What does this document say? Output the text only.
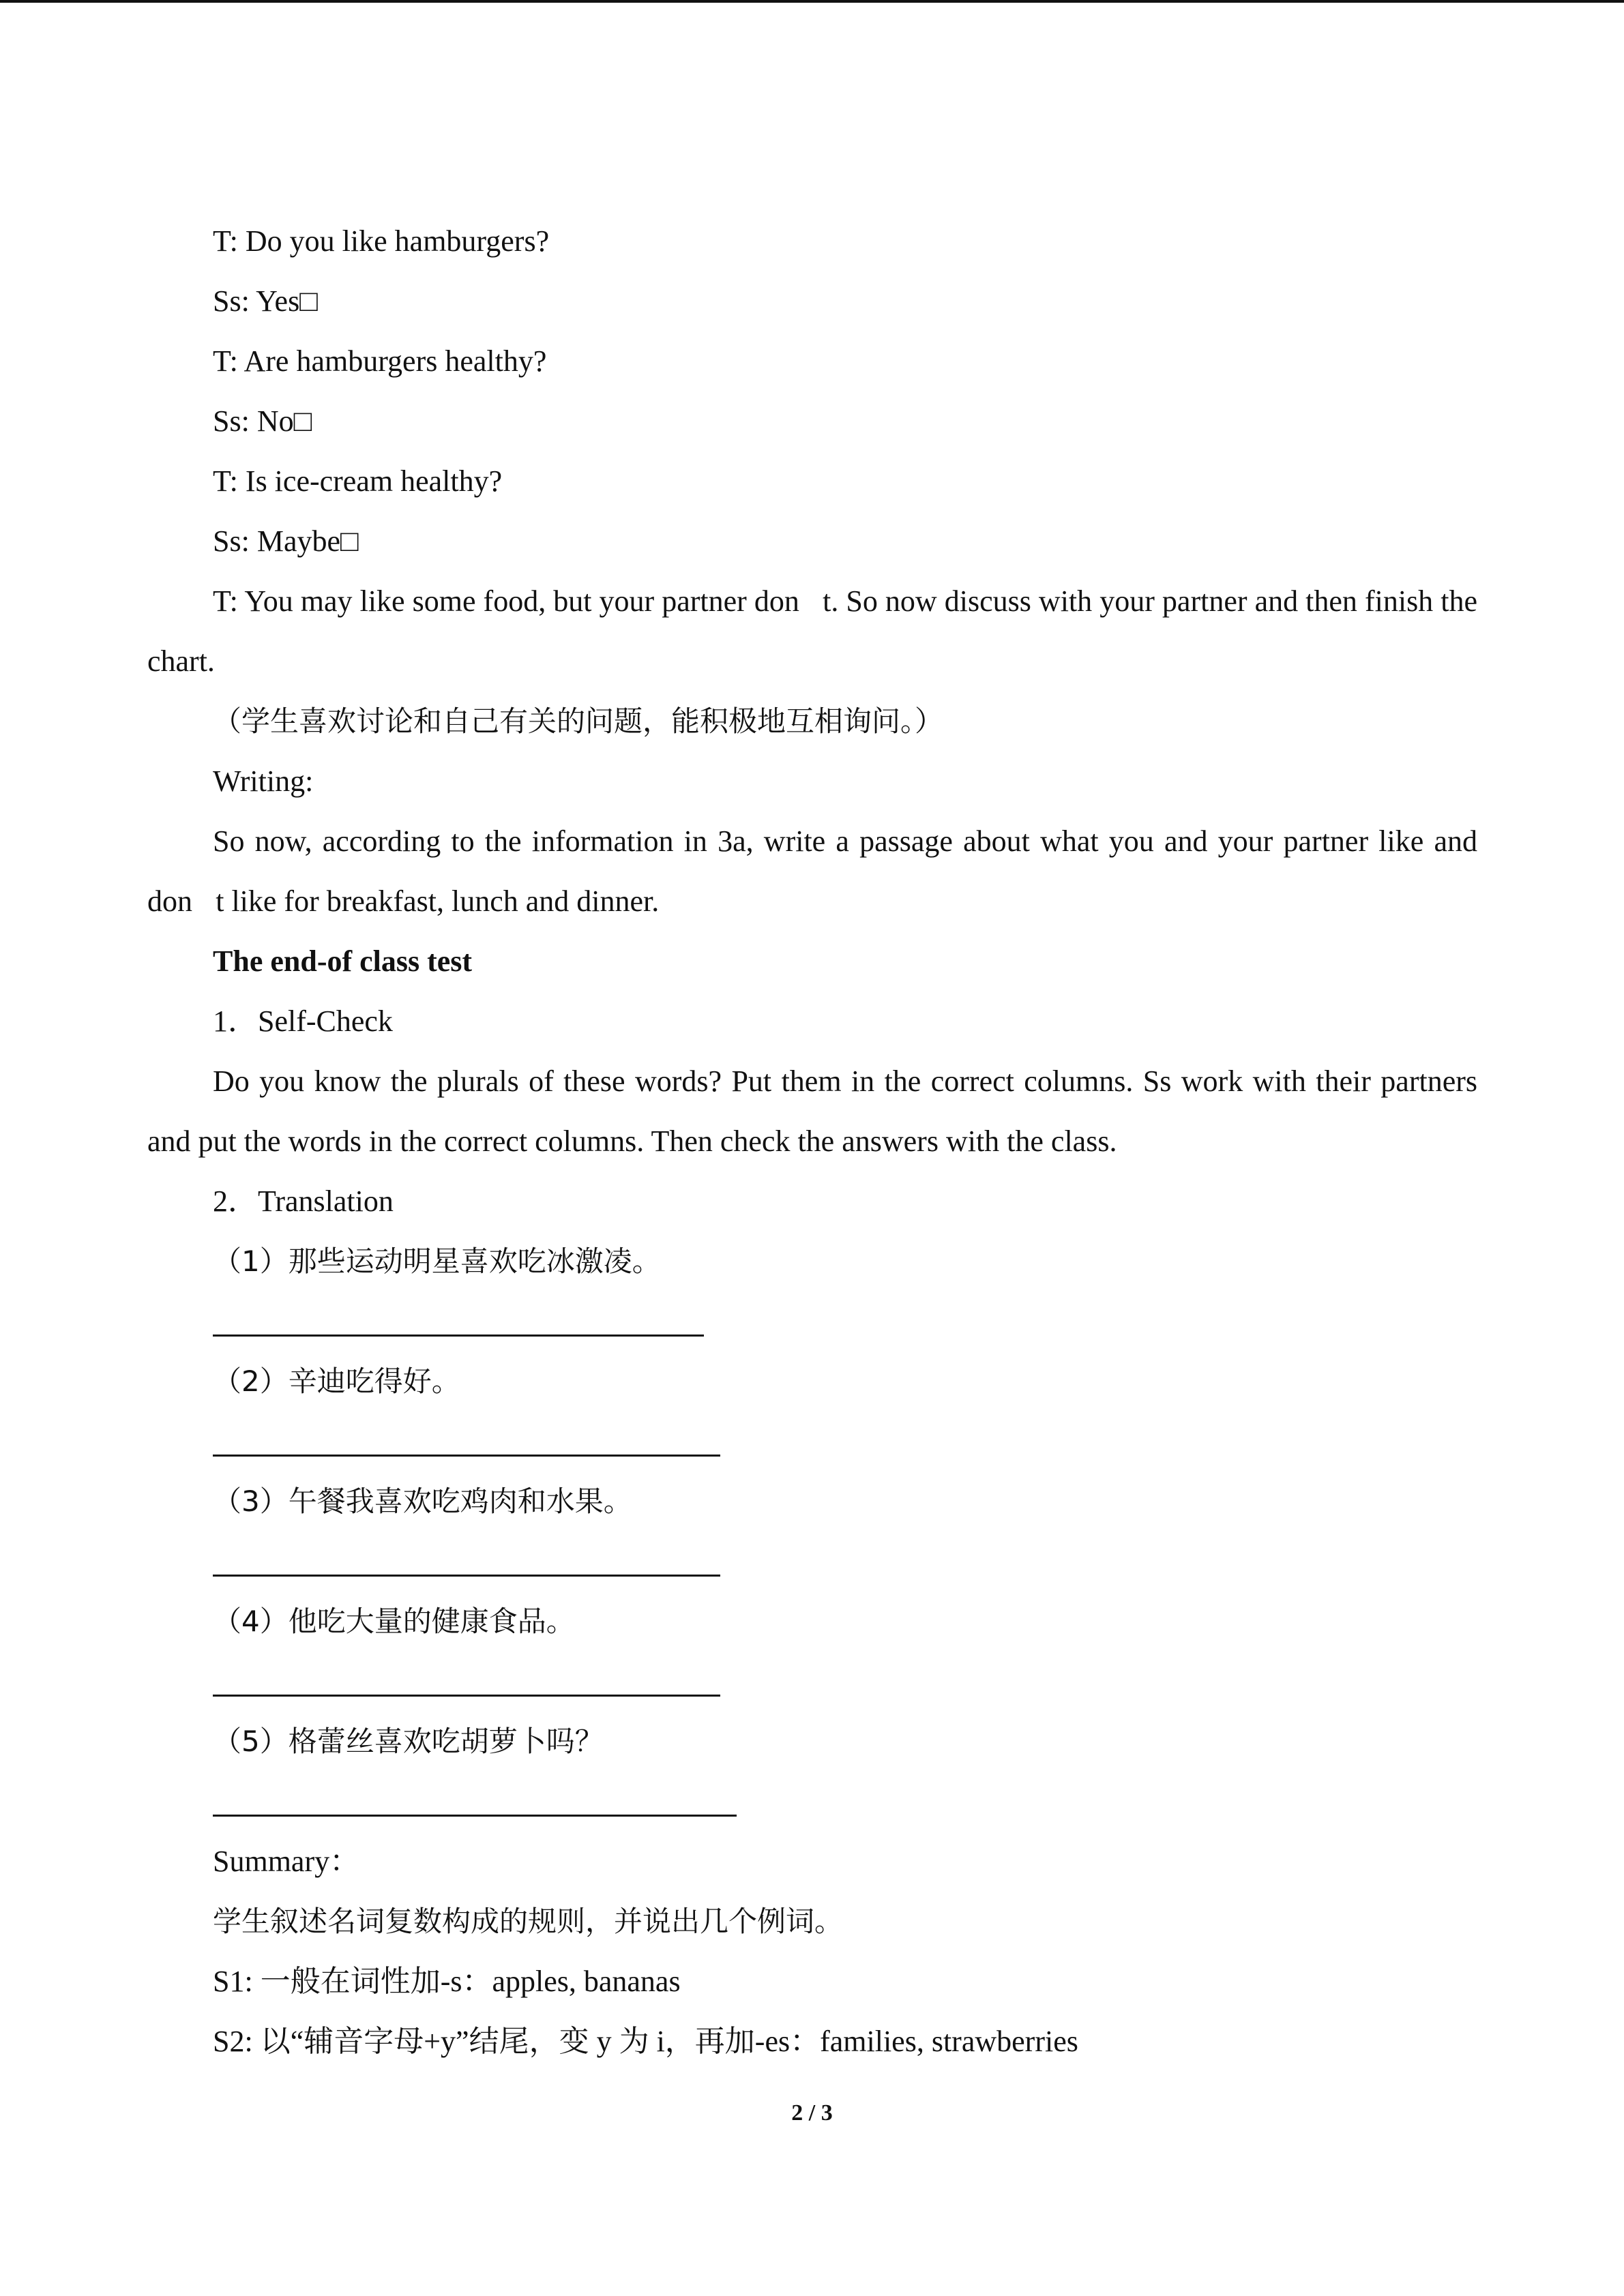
T: Do you like hamburgers?
Ss: Yes□
T: Are hamburgers healthy?
Ss: No□
T: Is ice-cream healthy?
Ss: Maybe□
T: You may like some food, but your partner don t. So now discuss with your partner and then finish the chart.
（学生喜欢讨论和自己有关的问题，能积极地互相询问。）
Writing:
So now, according to the information in 3a, write a passage about what you and your partner like and don t like for breakfast, lunch and dinner.
The end-of class test
1．Self-Check
Do you know the plurals of these words? Put them in the correct columns. Ss work with their partners and put the words in the correct columns. Then check the answers with the class.
2．Translation
（1）那些运动明星喜欢吃冰激凌。
（2）辛迪吃得好。
（3）午餐我喜欢吃鸡肉和水果。
（4）他吃大量的健康食品。
（5）格蕾丝喜欢吃胡萝卜吗？
Summary：
学生叙述名词复数构成的规则，并说出几个例词。
S1: 一般在词性加-s：apples, bananas
S2: 以“辅音字母+y”结尾，变 y 为 i，再加-es：families, strawberries
2 / 3
